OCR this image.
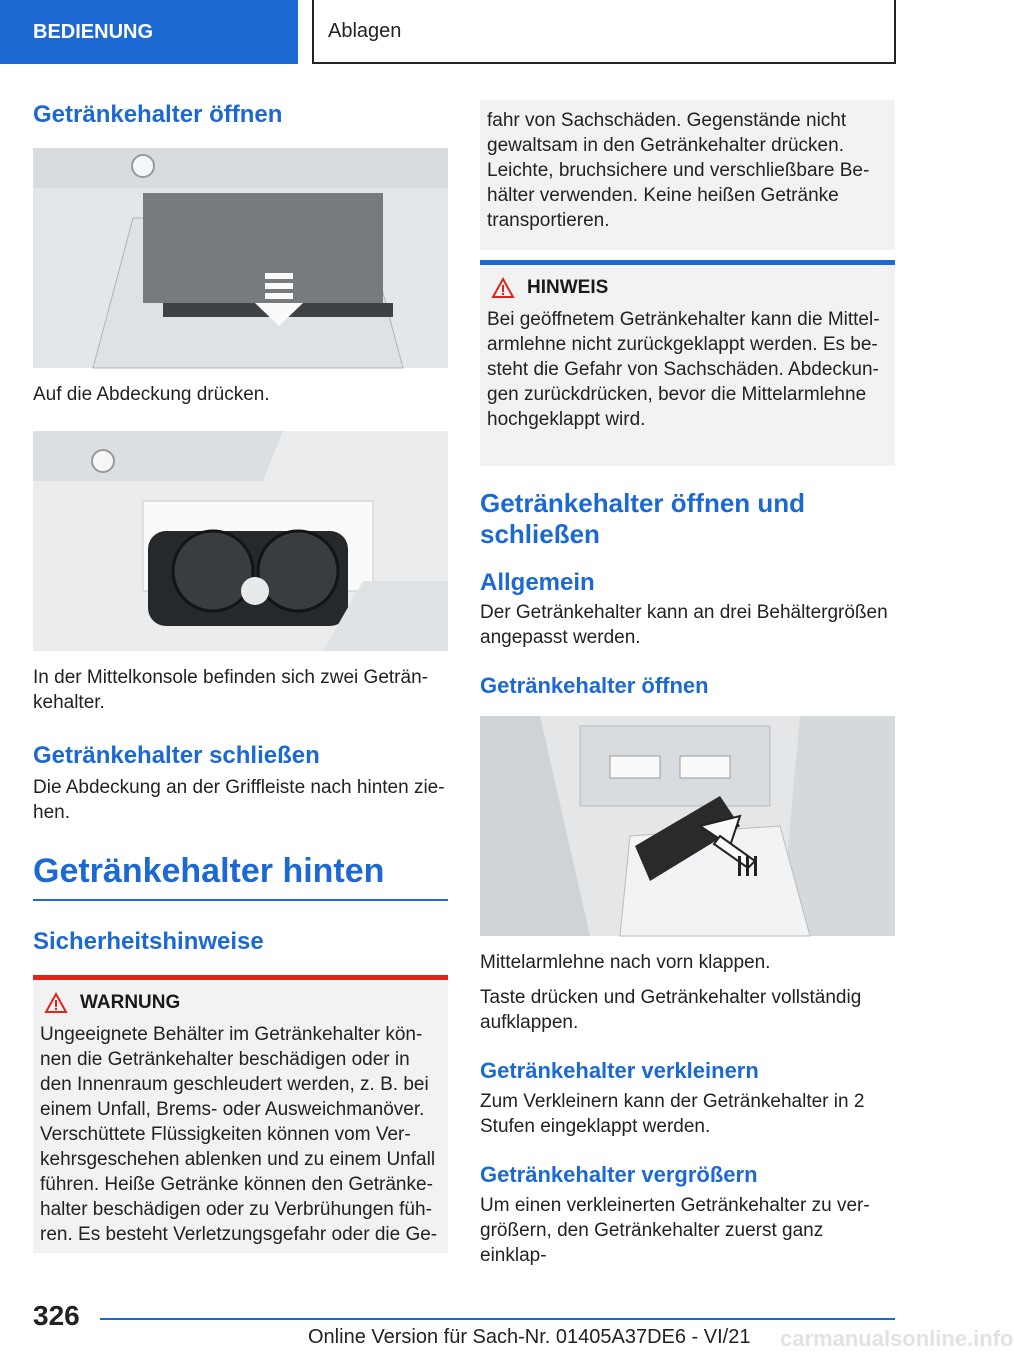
BEDIENUNG	Ablagen
Getränkehalter öffnen

Auf die Abdeckung drücken.

In der Mittelkonsole befinden sich zwei Geträn-kehalter.

Getränkehalter schließen

Die Abdeckung an der Griffleiste nach hinten zie-hen.

Getränkehalter hinten
Sicherheitshinweise
WARNUNG

Ungeeignete Behälter im Getränkehalter kön-nen die Getränkehalter beschädigen oder in den Innenraum geschleudert werden, z. B. bei einem Unfall, Brems- oder Ausweichmanöver. Verschüttete Flüssigkeiten können vom Ver-kehrsgeschehen ablenken und zu einem Unfall führen. Heiße Getränke können den Getränke-halter beschädigen oder zu Verbrühungen füh-ren. Es besteht Verletzungsgefahr oder die Ge-

fahr von Sachschäden. Gegenstände nicht gewaltsam in den Getränkehalter drücken. Leichte, bruchsichere und verschließbare Be-hälter verwenden. Keine heißen Getränke transportieren.

HINWEIS

Bei geöffnetem Getränkehalter kann die Mittel-armlehne nicht zurückgeklappt werden. Es be-steht die Gefahr von Sachschäden. Abdeckun-gen zurückdrücken, bevor die Mittelarmlehne hochgeklappt wird.

Getränkehalter öffnen und schließen
Allgemein

Der Getränkehalter kann an drei Behältergrößen angepasst werden.

Getränkehalter öffnen

Mittelarmlehne nach vorn klappen.

Taste drücken und Getränkehalter vollständig aufklappen.

Getränkehalter verkleinern

Zum Verkleinern kann der Getränkehalter in 2 Stufen eingeklappt werden.

Getränkehalter vergrößern

Um einen verkleinerten Getränkehalter zu ver-größern, den Getränkehalter zuerst ganz einklap-

326
Online Version für Sach-Nr. 01405A37DE6 - VI/21 carmanualsonline.info
